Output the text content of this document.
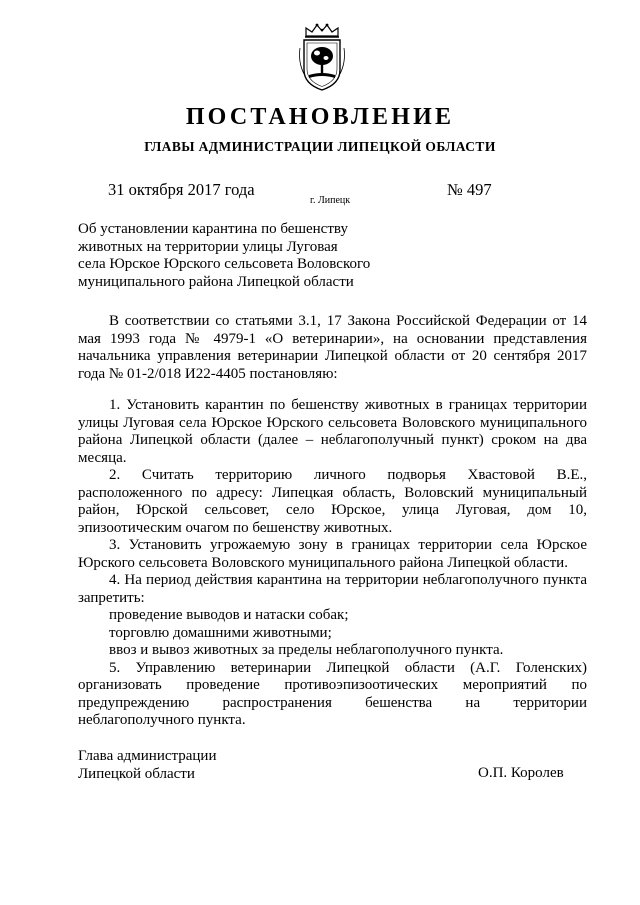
ПОСТАНОВЛЕНИЕ
ГЛАВЫ АДМИНИСТРАЦИИ ЛИПЕЦКОЙ ОБЛАСТИ
31 октября 2017 года
г. Липецк
№ 497
Об установлении карантина по бешенству
животных на территории улицы Луговая
села Юрское Юрского сельсовета Воловского
муниципального района Липецкой области
В соответствии со статьями 3.1, 17 Закона Российской Федерации от 14 мая 1993 года № 4979-1 «О ветеринарии», на основании представления начальника управления ветеринарии Липецкой области от 20 сентября 2017 года № 01-2/018 И22-4405 постановляю:
1. Установить карантин по бешенству животных в границах территории улицы Луговая села Юрское Юрского сельсовета Воловского муниципального района Липецкой области (далее – неблагополучный пункт) сроком на два месяца.
2. Считать территорию личного подворья Хвастовой В.Е., расположенного по адресу: Липецкая область, Воловский муниципальный район, Юрской сельсовет, село Юрское, улица Луговая, дом 10, эпизоотическим очагом по бешенству животных.
3. Установить угрожаемую зону в границах территории села Юрское Юрского сельсовета Воловского муниципального района Липецкой области.
4. На период действия карантина на территории неблагополучного пункта запретить:
проведение выводов и натаски собак;
торговлю домашними животными;
ввоз и вывоз животных за пределы неблагополучного пункта.
5. Управлению ветеринарии Липецкой области (А.Г. Голенских) организовать проведение противоэпизоотических мероприятий по предупреждению распространения бешенства на территории неблагополучного пункта.
Глава администрации
Липецкой области	О.П. Королев
